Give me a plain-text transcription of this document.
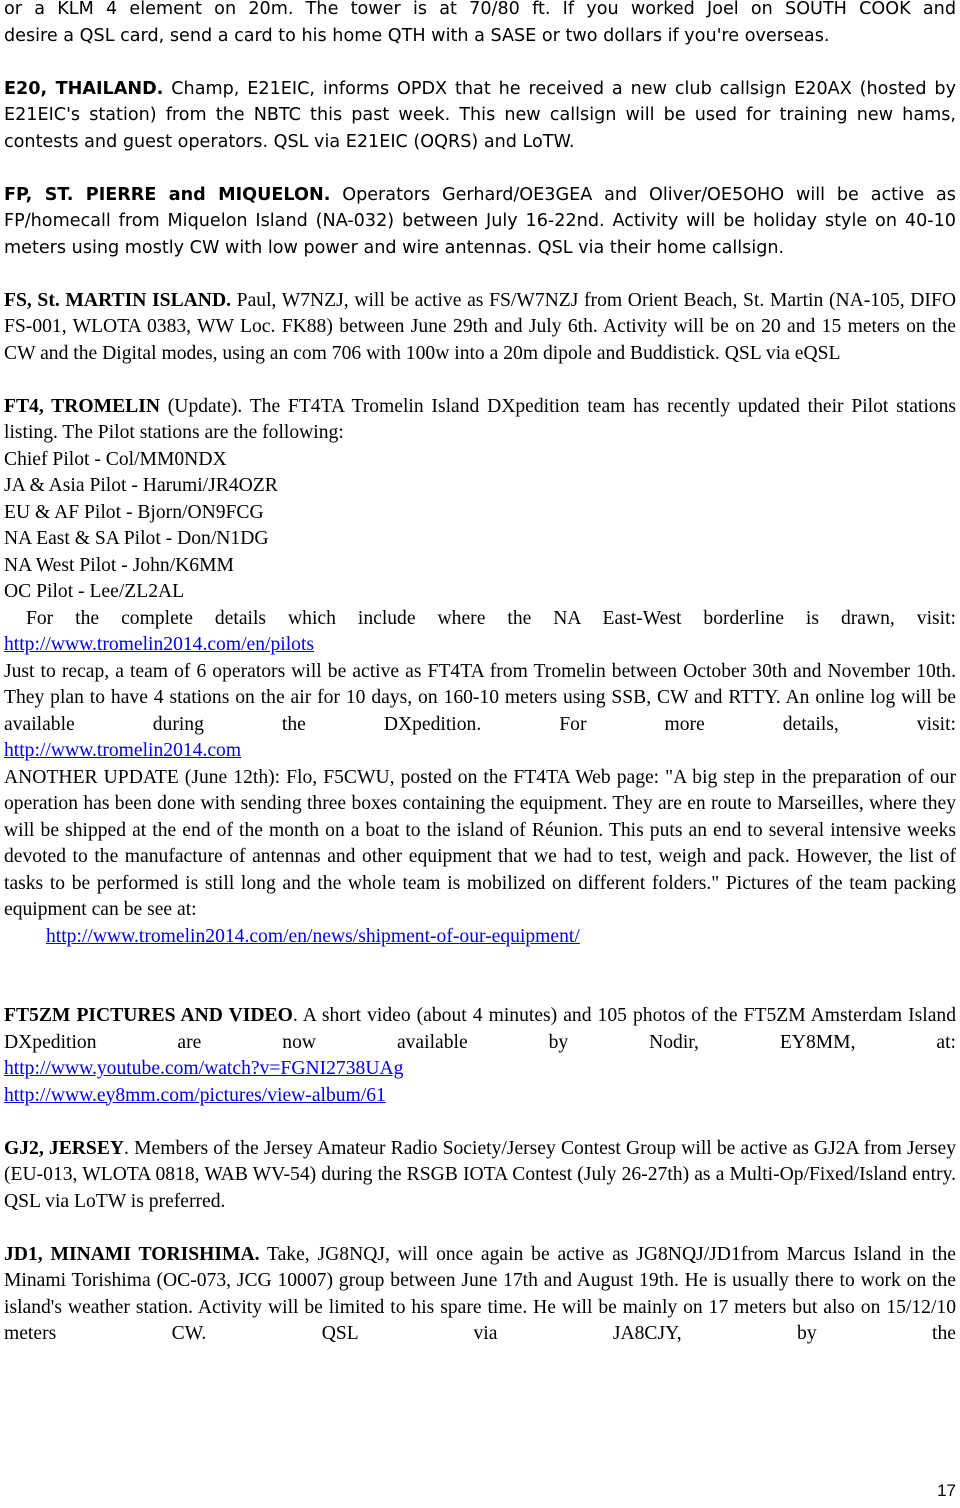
or a KLM 4 element on 20m. The tower is at 70/80 ft. If you worked Joel on SOUTH COOK and

desire a QSL card, send a card to his home QTH with a SASE or two dollars if you're overseas.

E20, THAILAND. Champ, E21EIC, informs OPDX that he received a new club callsign E20AX (hosted by E21EIC's station) from the NBTC this past week. This new callsign will be used for training new hams, contests and guest operators. QSL via E21EIC (OQRS) and LoTW.

FP, ST. PIERRE and MIQUELON. Operators Gerhard/OE3GEA and Oliver/OE5OHO will be active as FP/homecall from Miquelon Island (NA-032) between July 16-22nd. Activity will be holiday style on 40-10 meters using mostly CW with low power and wire antennas. QSL via their home callsign.

FS, St. MARTIN ISLAND. Paul, W7NZJ, will be active as FS/W7NZJ from Orient Beach, St. Martin (NA-105, DIFO FS-001, WLOTA 0383, WW Loc. FK88) between June 29th and July 6th. Activity will be on 20 and 15 meters on the CW and the Digital modes, using an com 706 with 100w into a 20m dipole and Buddistick. QSL via eQSL

FT4, TROMELIN (Update). The FT4TA Tromelin Island DXpedition team has recently updated their Pilot stations listing. The Pilot stations are the following:

Chief Pilot - Col/MM0NDX

JA & Asia Pilot - Harumi/JR4OZR

EU & AF Pilot - Bjorn/ON9FCG

NA East & SA Pilot - Don/N1DG

NA West Pilot - John/K6MM

OC Pilot - Lee/ZL2AL

For the complete details which include where the NA East-West borderline is drawn, visit:

http://www.tromelin2014.com/en/pilots

Just to recap, a team of 6 operators will be active as FT4TA from Tromelin between October 30th and November 10th. They plan to have 4 stations on the air for 10 days, on 160-10 meters using SSB, CW and RTTY. An online log will be available during the DXpedition. For more details, visit:

http://www.tromelin2014.com

ANOTHER UPDATE (June 12th): Flo, F5CWU, posted on the FT4TA Web page: "A big step in the preparation of our operation has been done with sending three boxes containing the equipment. They are en route to Marseilles, where they will be shipped at the end of the month on a boat to the island of Réunion. This puts an end to several intensive weeks devoted to the manufacture of antennas and other equipment that we had to test, weigh and pack. However, the list of tasks to be performed is still long and the whole team is mobilized on different folders." Pictures of the team packing equipment can be see at:

http://www.tromelin2014.com/en/news/shipment-of-our-equipment/

FT5ZM PICTURES AND VIDEO. A short video (about 4 minutes) and 105 photos of the FT5ZM Amsterdam Island DXpedition are now available by Nodir, EY8MM, at:

http://www.youtube.com/watch?v=FGNI2738UAg

http://www.ey8mm.com/pictures/view-album/61

GJ2, JERSEY. Members of the Jersey Amateur Radio Society/Jersey Contest Group will be active as GJ2A from Jersey (EU-013, WLOTA 0818, WAB WV-54) during the RSGB IOTA Contest (July 26-27th) as a Multi-Op/Fixed/Island entry. QSL via LoTW is preferred.

JD1, MINAMI TORISHIMA. Take, JG8NQJ, will once again be active as JG8NQJ/JD1from Marcus Island in the Minami Torishima (OC-073, JCG 10007) group between June 17th and August 19th. He is usually there to work on the island's weather station. Activity will be limited to his spare time. He will be mainly on 17 meters but also on 15/12/10 meters CW. QSL via JA8CJY, by the

17
